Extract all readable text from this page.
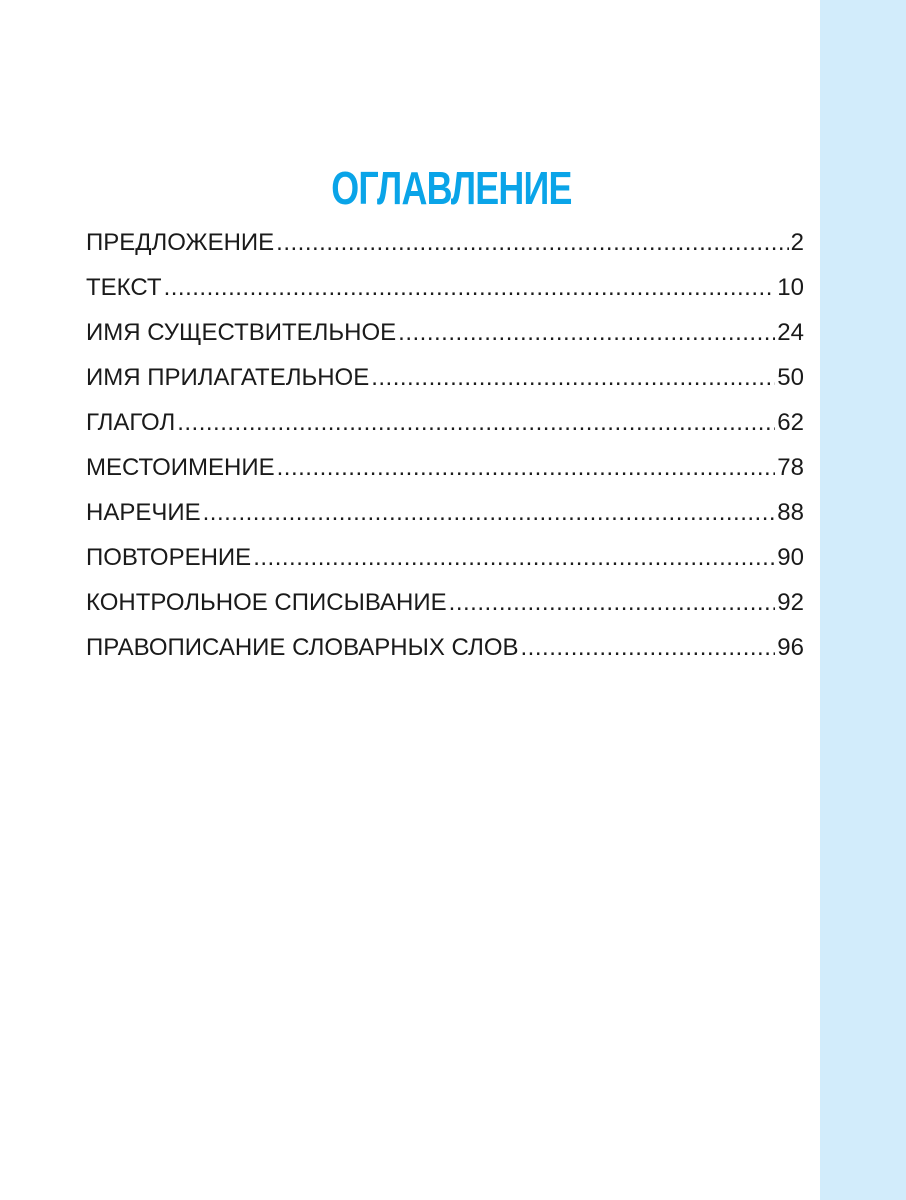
ОГЛАВЛЕНИЕ
ПРЕДЛОЖЕНИЕ .....	2
ТЕКСТ .....	10
ИМЯ СУЩЕСТВИТЕЛЬНОЕ .....	24
ИМЯ ПРИЛАГАТЕЛЬНОЕ .....	50
ГЛАГОЛ .....	62
МЕСТОИМЕНИЕ .....	78
НАРЕЧИЕ .....	88
ПОВТОРЕНИЕ .....	90
КОНТРОЛЬНОЕ СПИСЫВАНИЕ .....	92
ПРАВОПИСАНИЕ СЛОВАРНЫХ СЛОВ .....	96
